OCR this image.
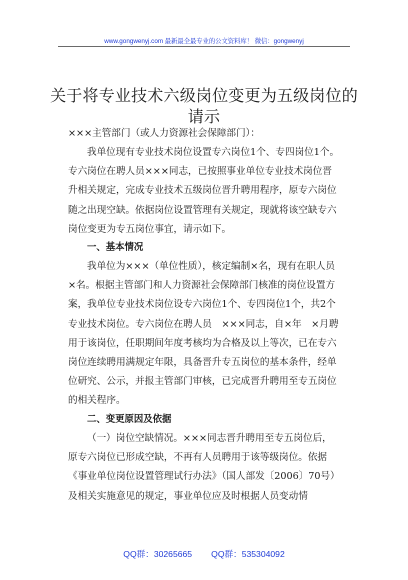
www.gongwenyj.com 最新最全最专业的公文资料库！ 微信：gongwenyj
关于将专业技术六级岗位变更为五级岗位的请示

×××主管部门（或人力资源社会保障部门）：

我单位现有专业技术岗位设置专六岗位1个、专四岗位1个。专六岗位在聘人员×××同志，已按照事业单位专业技术岗位晋升相关规定，完成专业技术五级岗位晋升聘用程序，原专六岗位随之出现空缺。依据岗位设置管理有关规定，现就将该空缺专六岗位变更为专五岗位事宜，请示如下。

一、基本情况

我单位为×××（单位性质），核定编制×名，现有在职人员×名。根据主管部门和人力资源社会保障部门核准的岗位设置方案，我单位专业技术岗位设专六岗位1个、专四岗位1个，共2个专业技术岗位。专六岗位在聘人员　×××同志，自×年　×月聘用于该岗位，任职期间年度考核均为合格及以上等次，已在专六岗位连续聘用满规定年限，具备晋升专五岗位的基本条件，经单位研究、公示，并报主管部门审核，已完成晋升聘用至专五岗位的相关程序。

二、变更原因及依据

（一）岗位空缺情况。×××同志晋升聘用至专五岗位后，原专六岗位已形成空缺，不再有人员聘用于该等级岗位。依据《事业单位岗位设置管理试行办法》（国人部发〔2006〕70号）及相关实施意见的规定，事业单位应及时根据人员变动情

QQ群：30265665        QQ群：535304092
